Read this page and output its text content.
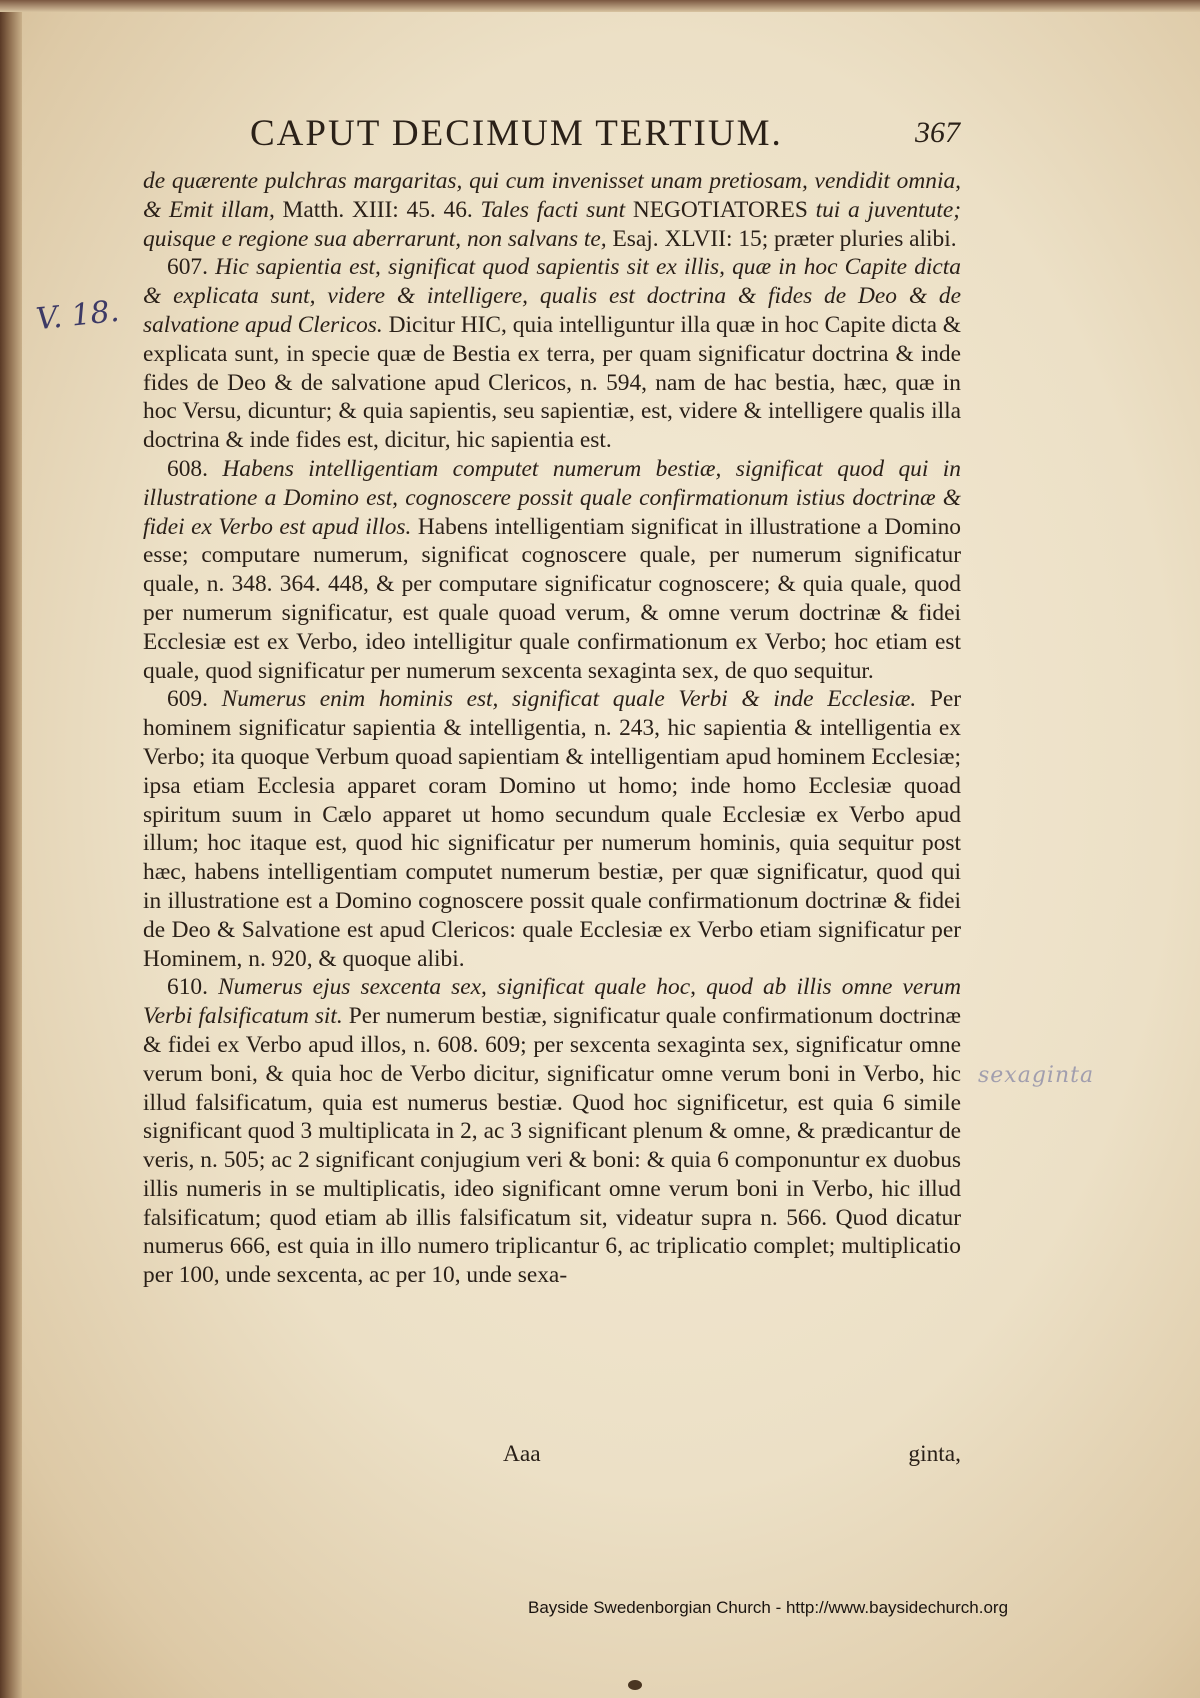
CAPUT DECIMUM TERTIUM.	367
V. 18.

de quærente pulchras margaritas, qui cum invenisset unam pretiosam, vendidit omnia, & Emit illam, Matth. XIII: 45. 46. Tales facti sunt NEGOTIATORES tui a juventute; quisque e regione sua aberrarunt, non salvans te, Esaj. XLVII: 15; præter pluries alibi.

607. Hic sapientia est, significat quod sapientis sit ex illis, quæ in hoc Capite dicta & explicata sunt, videre & intelligere, qualis est doctrina & fides de Deo & de salvatione apud Clericos. Dicitur HIC, quia intelliguntur illa quæ in hoc Capite dicta & explicata sunt, in specie quæ de Bestia ex terra, per quam significatur doctrina & inde fides de Deo & de salvatione apud Clericos, n. 594, nam de hac bestia, hæc, quæ in hoc Versu, dicuntur; & quia sapientis, seu sapientiæ, est, videre & intelligere qualis illa doctrina & inde fides est, dicitur, hic sapientia est.

608. Habens intelligentiam computet numerum bestiæ, significat quod qui in illustratione a Domino est, cognoscere possit quale confirmationum istius doctrinæ & fidei ex Verbo est apud illos. Habens intelligentiam significat in illustratione a Domino esse; computare numerum, significat cognoscere quale, per numerum significatur quale, n. 348. 364. 448, & per computare significatur cognoscere; & quia quale, quod per numerum significatur, est quale quoad verum, & omne verum doctrinæ & fidei Ecclesiæ est ex Verbo, ideo intelligitur quale confirmationum ex Verbo; hoc etiam est quale, quod significatur per numerum sexcenta sexaginta sex, de quo sequitur.

609. Numerus enim hominis est, significat quale Verbi & inde Ecclesiæ. Per hominem significatur sapientia & intelligentia, n. 243, hic sapientia & intelligentia ex Verbo; ita quoque Verbum quoad sapientiam & intelligentiam apud hominem Ecclesiæ; ipsa etiam Ecclesia apparet coram Domino ut homo; inde homo Ecclesiæ quoad spiritum suum in Cælo apparet ut homo secundum quale Ecclesiæ ex Verbo apud illum; hoc itaque est, quod hic significatur per numerum hominis, quia sequitur post hæc, habens intelligentiam computet numerum bestiæ, per quæ significatur, quod qui in illustratione est a Domino cognoscere possit quale confirmationum doctrinæ & fidei de Deo & Salvatione est apud Clericos: quale Ecclesiæ ex Verbo etiam significatur per Hominem, n. 920, & quoque alibi.

610. Numerus ejus sexcenta sex, significat quale hoc, quod ab illis omne verum Verbi falsificatum sit. Per numerum bestiæ, significatur quale confirmationum doctrinæ & fidei ex Verbo apud illos, n. 608. 609; per sexcenta sexaginta sex, significatur omne verum boni, & quia hoc de Verbo dicitur, significatur omne verum boni in Verbo, hic illud falsificatum, quia est numerus bestiæ. Quod hoc significetur, est quia 6 simile significant quod 3 multiplicata in 2, ac 3 significant plenum & omne, & prædicantur de veris, n. 505; ac 2 significant conjugium veri & boni: & quia 6 componuntur ex duobus illis numeris in se multiplicatis, ideo significant omne verum boni in Verbo, hic illud falsificatum; quod etiam ab illis falsificatum sit, videatur supra n. 566. Quod dicatur numerus 666, est quia in illo numero triplicantur 6, ac triplicatio complet; multiplicatio per 100, unde sexcenta, ac per 10, unde sexa-

sexaginta
Aaa	ginta,
Bayside Swedenborgian Church - http://www.baysidechurch.org
